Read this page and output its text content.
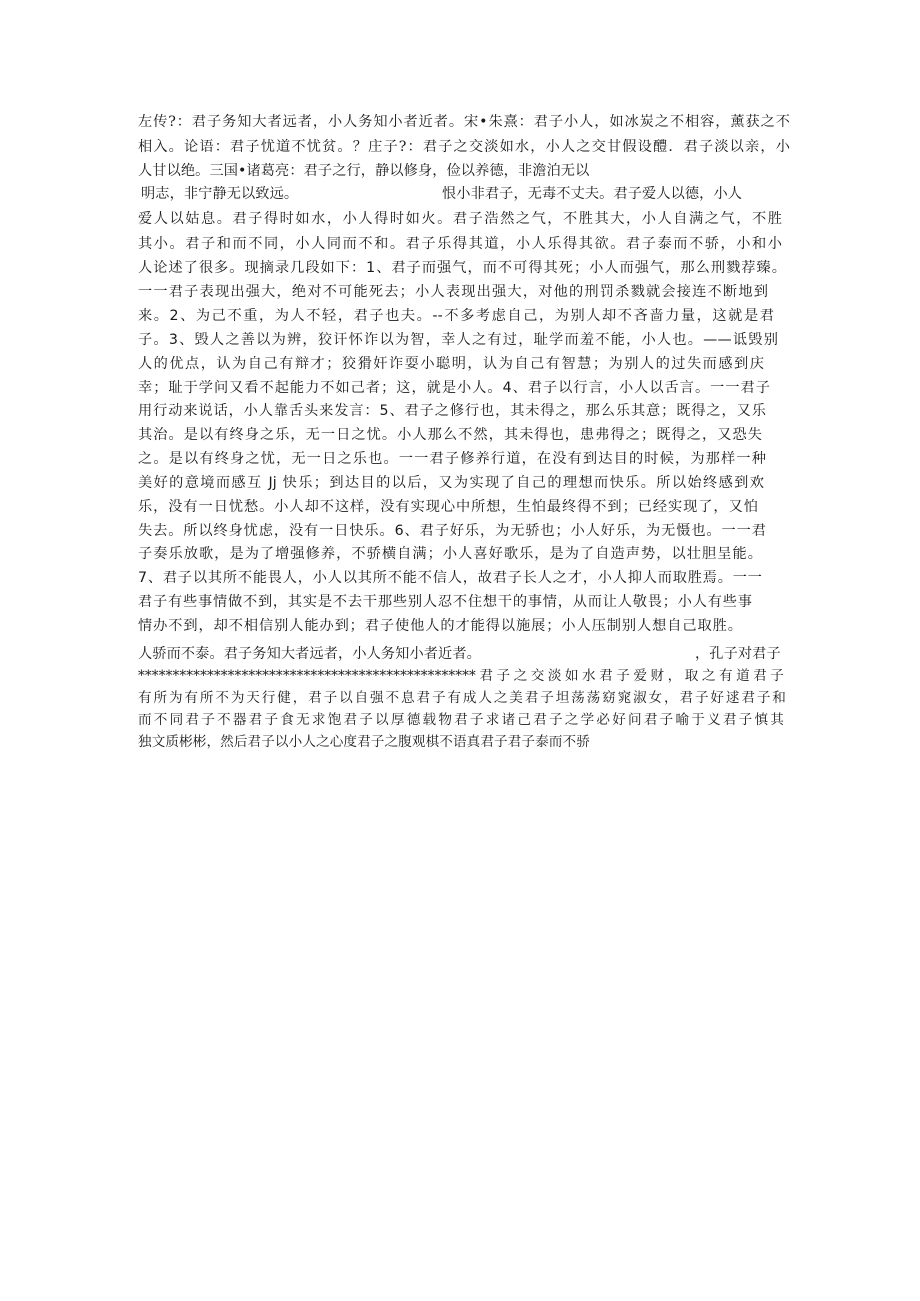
左传?：君子务知大者远者，小人务知小者近者。宋•朱熹：君子小人，如冰炭之不相容，薰获之不
相入。论语：君子忧道不忧贫。？庄子?：君子之交淡如水，小人之交甘假设醴．君子淡以亲，小
人甘以绝。三国•诸葛亮：君子之行，静以修身，俭以养德，非澹泊无以
明志，非宁静无以致远。	恨小非君子，无毒不丈夫。君子爱人以德，小人
爱人以姑息。君子得时如水，小人得时如火。君子浩然之气，不胜其大，小人自满之气，不胜
其小。君子和而不同，小人同而不和。君子乐得其道，小人乐得其欲。君子泰而不骄，小和小
人论述了很多。现摘录几段如下：1、君子而强气，而不可得其死；小人而强气，那么刑戮荐臻。
一一君子表现出强大，绝对不可能死去；小人表现出强大，对他的刑罚杀戮就会接连不断地到
来。2、为己不重，为人不轻，君子也夫。--不多考虑自己，为别人却不吝啬力量，这就是君
子。3、毁人之善以为辨，狡讦怀诈以为智，幸人之有过，耻学而羞不能，小人也。——诋毁别
人的优点，认为自己有辩才；狡猾奸诈耍小聪明，认为自己有智慧；为别人的过失而感到庆
幸；耻于学问又看不起能力不如己者；这，就是小人。4、君子以行言，小人以舌言。一一君子
用行动来说话，小人靠舌头来发言：5、君子之修行也，其未得之，那么乐其意；既得之，又乐
其治。是以有终身之乐，无一日之忧。小人那么不然，其未得也，患弗得之；既得之，又恐失
之。是以有终身之忧，无一日之乐也。一一君子修养行道，在没有到达目的时候，为那样一种
美好的意境而感互 Jj 快乐；到达目的以后，又为实现了自己的理想而快乐。所以始终感到欢
乐，没有一日忧愁。小人却不这样，没有实现心中所想，生怕最终得不到；已经实现了，又怕
失去。所以终身忧虑，没有一日快乐。6、君子好乐，为无骄也；小人好乐，为无慑也。一一君
子奏乐放歌，是为了增强修养，不骄横自满；小人喜好歌乐，是为了自造声势，以壮胆呈能。
7、君子以其所不能畏人，小人以其所不能不信人，故君子长人之才，小人抑人而取胜焉。一一
君子有些事情做不到，其实是不去干那些别人忍不住想干的事情，从而让人敬畏；小人有些事
情办不到，却不相信别人能办到；君子使他人的才能得以施展；小人压制别人想自己取胜。
人骄而不泰。君子务知大者远者，小人务知小者近者。	，孔子对君子
*************************************************君子之交淡如水君子爱财，取之有道君子
有所为有所不为天行健，君子以自强不息君子有成人之美君子坦荡荡窈窕淑女，君子好逑君子和
而不同君子不器君子食无求饱君子以厚德载物君子求诸己君子之学必好问君子喻于义君子慎其
独文质彬彬，然后君子以小人之心度君子之腹观棋不语真君子君子泰而不骄
